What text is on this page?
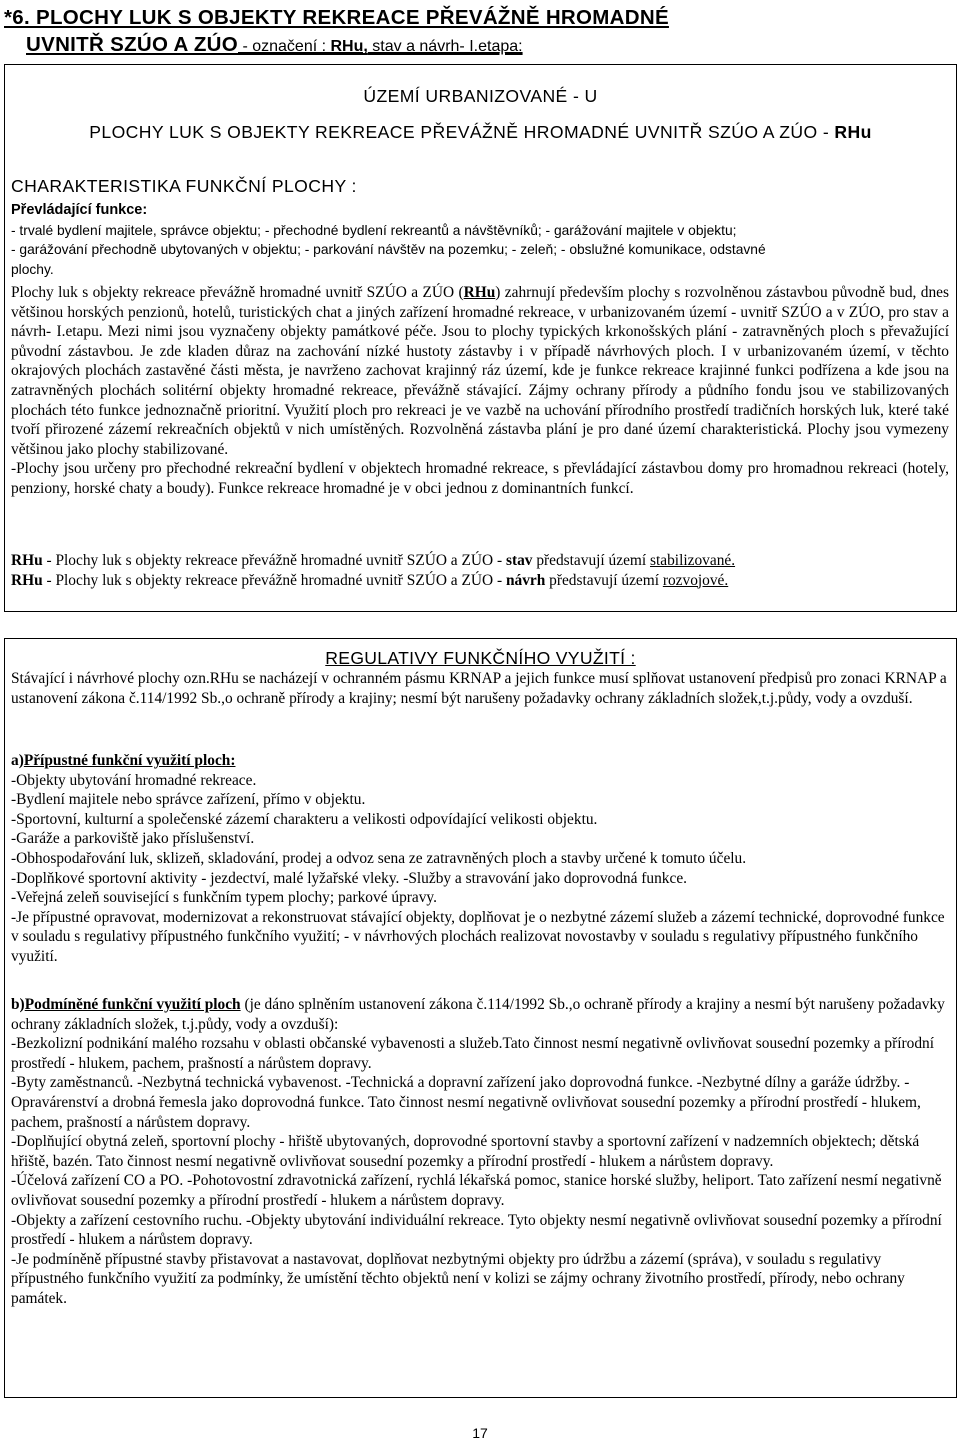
*6. PLOCHY LUK S OBJEKTY REKREACE PŘEVÁŽNĚ HROMADNÉ
UVNITŘ SZÚO A ZÚO - označení : RHu, stav a návrh- I.etapa:
ÚZEMÍ URBANIZOVANÉ - U
PLOCHY LUK S OBJEKTY REKREACE PŘEVÁŽNĚ HROMADNÉ UVNITŘ SZÚO A ZÚO - RHu
CHARAKTERISTIKA FUNKČNÍ PLOCHY :
Převládající funkce:
- trvalé bydlení majitele, správce objektu; - přechodné bydlení rekreantů a návštěvníků; - garážování majitele v objektu;
- garážování přechodně ubytovaných v objektu; - parkování návštěv na pozemku; - zeleň; - obslužné komunikace, odstavné
plochy.

Plochy luk s objekty rekreace převážně hromadné uvnitř SZÚO a ZÚO (RHu) zahrnují především plochy s rozvolněnou zástavbou původně bud, dnes většinou horských penzionů, hotelů, turistických chat a jiných zařízení hromadné rekreace, v urbanizovaném území - uvnitř SZÚO a v ZÚO, pro stav a návrh- I.etapu. Mezi nimi jsou vyznačeny objekty památkové péče. Jsou to plochy typických krkonošských plání - zatravněných ploch s převažující původní zástavbou. Je zde kladen důraz na zachování nízké hustoty zástavby i v případě návrhových ploch. I v urbanizovaném území, v těchto okrajových plochách zastavěné části města, je navrženo zachovat krajinný ráz území, kde je funkce rekreace krajinné funkci podřízena a kde jsou na zatravněných plochách solitérní objekty hromadné rekreace, převážně stávající. Zájmy ochrany přírody a půdního fondu jsou ve stabilizovaných plochách této funkce jednoznačně prioritní. Využití ploch pro rekreaci je ve vazbě na uchování přírodního prostředí tradičních horských luk, které také tvoří přirozené zázemí rekreačních objektů v nich umístěných. Rozvolněná zástavba plání je pro dané území charakteristická. Plochy jsou vymezeny většinou jako plochy stabilizované.

-Plochy jsou určeny pro přechodné rekreační bydlení v objektech hromadné rekreace, s převládající zástavbou domy pro hromadnou rekreaci (hotely, penziony, horské chaty a boudy). Funkce rekreace hromadné je v obci jednou z dominantních funkcí.

RHu - Plochy luk s objekty rekreace převážně hromadné uvnitř SZÚO a ZÚO - stav představují území stabilizované.
RHu - Plochy luk s objekty rekreace převážně hromadné uvnitř SZÚO a ZÚO - návrh představují území rozvojové.
REGULATIVY FUNKČNÍHO VYUŽITÍ :
Stávající i návrhové plochy ozn.RHu se nacházejí v ochranném pásmu KRNAP a jejich funkce musí splňovat ustanovení předpisů pro zonaci KRNAP a ustanovení zákona č.114/1992 Sb.,o ochraně přírody a krajiny; nesmí být narušeny požadavky ochrany základních složek,t.j.půdy, vody a ovzduší.
a)Přípustné funkční využití ploch:
-Objekty ubytování hromadné rekreace.
-Bydlení majitele nebo správce zařízení, přímo v objektu.
-Sportovní, kulturní a společenské zázemí charakteru a velikosti odpovídající velikosti objektu.
-Garáže a parkoviště jako příslušenství.
-Obhospodařování luk, sklizeň, skladování, prodej a odvoz sena ze zatravněných ploch a stavby určené k tomuto účelu.
-Doplňkové sportovní aktivity - jezdectví, malé lyžařské vleky. -Služby a stravování jako doprovodná funkce.
-Veřejná zeleň související s funkčním typem plochy; parkové úpravy.
-Je přípustné opravovat, modernizovat a rekonstruovat stávající objekty, doplňovat je o nezbytné zázemí služeb a zázemí technické, doprovodné funkce v souladu s regulativy přípustného funkčního využití; - v návrhových plochách realizovat novostavby v souladu s regulativy přípustného funkčního využití.
b)Podmíněné funkční využití ploch (je dáno splněním ustanovení zákona č.114/1992 Sb.,o ochraně přírody a krajiny a nesmí být narušeny požadavky ochrany základních složek, t.j.půdy, vody a ovzduší):
-Bezkolizní podnikání malého rozsahu v oblasti občanské vybavenosti a služeb.Tato činnost nesmí negativně ovlivňovat sousední pozemky a přírodní prostředí - hlukem, pachem, prašností a nárůstem dopravy.
-Byty zaměstnanců. -Nezbytná technická vybavenost. -Technická a dopravní zařízení jako doprovodná funkce. -Nezbytné dílny a garáže údržby. -Opravárenství a drobná řemesla jako doprovodná funkce. Tato činnost nesmí negativně ovlivňovat sousední pozemky a přírodní prostředí - hlukem, pachem, prašností a nárůstem dopravy.
-Doplňující obytná zeleň, sportovní plochy - hřiště ubytovaných, doprovodné sportovní stavby a sportovní zařízení v nadzemních objektech; dětská hřiště, bazén. Tato činnost nesmí negativně ovlivňovat sousední pozemky a přírodní prostředí - hlukem a nárůstem dopravy.
-Účelová zařízení CO a PO. -Pohotovostní zdravotnická zařízení, rychlá lékařská pomoc, stanice horské služby, heliport. Tato zařízení nesmí negativně ovlivňovat sousední pozemky a přírodní prostředí - hlukem a nárůstem dopravy.
-Objekty a zařízení cestovního ruchu. -Objekty ubytování individuální rekreace. Tyto objekty nesmí negativně ovlivňovat sousední pozemky a přírodní prostředí - hlukem a nárůstem dopravy.
-Je podmíněně přípustné stavby přistavovat a nastavovat, doplňovat nezbytnými objekty pro údržbu a zázemí (správa), v souladu s regulativy přípustného funkčního využití za podmínky, že umístění těchto objektů není v kolizi se zájmy ochrany životního prostředí, přírody, nebo ochrany památek.
17
